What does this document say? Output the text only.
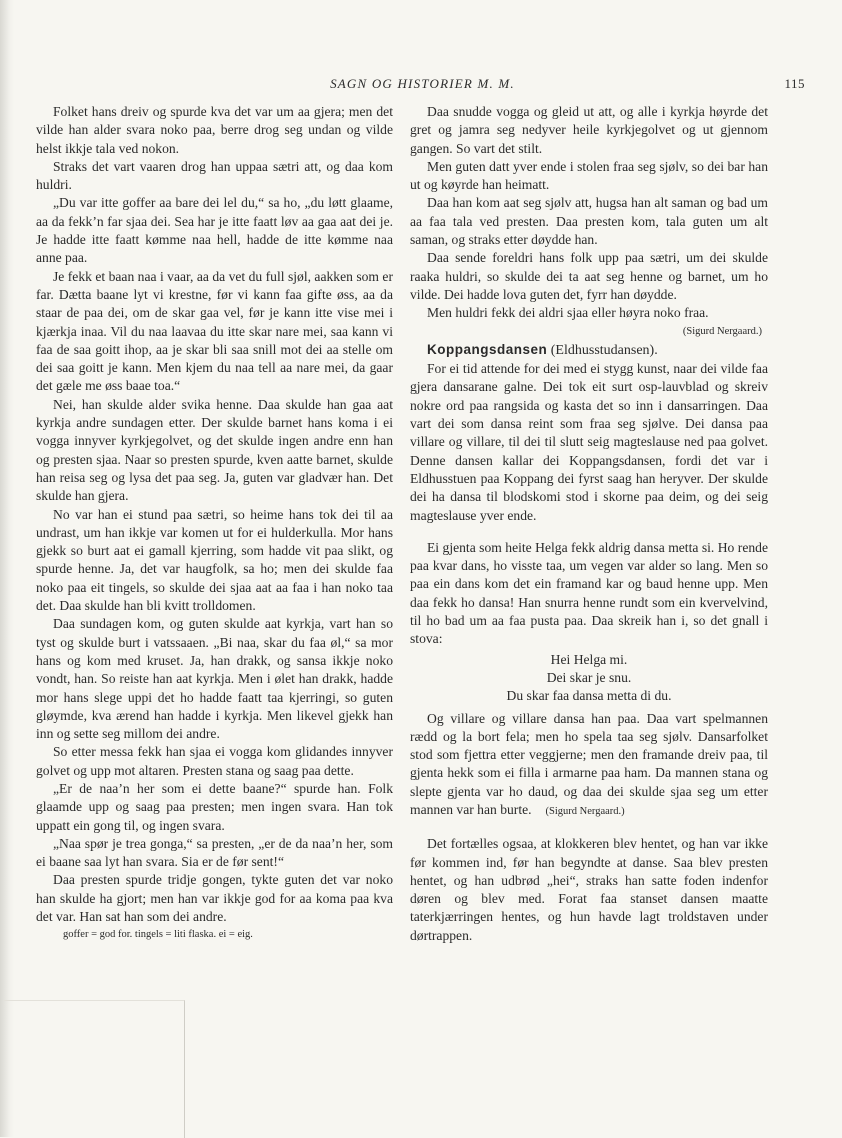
SAGN OG HISTORIER M. M.	115

Folket hans dreiv og spurde kva det var um aa gjera; men det vilde han alder svara noko paa, berre drog seg undan og vilde helst ikkje tala ved nokon.

Straks det vart vaaren drog han uppaa sætri att, og daa kom huldri.

„Du var itte goffer aa bare dei lel du,“ sa ho, „du løtt glaame, aa da fekk’n far sjaa dei. Sea har je itte faatt løv aa gaa aat dei je. Je hadde itte faatt kømme naa hell, hadde de itte kømme naa anne paa.

Je fekk et baan naa i vaar, aa da vet du full sjøl, aakken som er far. Dætta baane lyt vi krestne, før vi kann faa gifte øss, aa da staar de paa dei, om de skar gaa vel, før je kann itte vise mei i kjærkja inaa. Vil du naa laavaa du itte skar nare mei, saa kann vi faa de saa goitt ihop, aa je skar bli saa snill mot dei aa stelle om dei saa goitt je kann. Men kjem du naa tell aa nare mei, da gaar det gæle me øss baae toa.“

Nei, han skulde alder svika henne. Daa skulde han gaa aat kyrkja andre sundagen etter. Der skulde barnet hans koma i ei vogga innyver kyrkjegolvet, og det skulde ingen andre enn han og presten sjaa. Naar so presten spurde, kven aatte barnet, skulde han reisa seg og lysa det paa seg. Ja, guten var gladvær han. Det skulde han gjera.

No var han ei stund paa sætri, so heime hans tok dei til aa undrast, um han ikkje var komen ut for ei hulderkulla. Mor hans gjekk so burt aat ei gamall kjerring, som hadde vit paa slikt, og spurde henne. Ja, det var haugfolk, sa ho; men dei skulde faa noko paa eit tingels, so skulde dei sjaa aat aa faa i han noko taa det. Daa skulde han bli kvitt trolldomen.

Daa sundagen kom, og guten skulde aat kyrkja, vart han so tyst og skulde burt i vatssaaen. „Bi naa, skar du faa øl,“ sa mor hans og kom med kruset. Ja, han drakk, og sansa ikkje noko vondt, han. So reiste han aat kyrkja. Men i ølet han drakk, hadde mor hans slege uppi det ho hadde faatt taa kjerringi, so guten gløymde, kva ærend han hadde i kyrkja. Men likevel gjekk han inn og sette seg millom dei andre.

So etter messa fekk han sjaa ei vogga kom glidandes innyver golvet og upp mot altaren. Presten stana og saag paa dette.

„Er de naa’n her som ei dette baane?“ spurde han. Folk glaamde upp og saag paa presten; men ingen svara. Han tok uppatt ein gong til, og ingen svara.

„Naa spør je trea gonga,“ sa presten, „er de da naa’n her, som ei baane saa lyt han svara. Sia er de før sent!“

Daa presten spurde tridje gongen, tykte guten det var noko han skulde ha gjort; men han var ikkje god for aa koma paa kva det var. Han sat han som dei andre.

goffer = god for. tingels = liti flaska. ei = eig.

Daa snudde vogga og gleid ut att, og alle i kyrkja høyrde det gret og jamra seg nedyver heile kyrkjegolvet og ut gjennom gangen. So vart det stilt.

Men guten datt yver ende i stolen fraa seg sjølv, so dei bar han ut og køyrde han heimatt.

Daa han kom aat seg sjølv att, hugsa han alt saman og bad um aa faa tala ved presten. Daa presten kom, tala guten um alt saman, og straks etter døydde han.

Daa sende foreldri hans folk upp paa sætri, um dei skulde raaka huldri, so skulde dei ta aat seg henne og barnet, um ho vilde. Dei hadde lova guten det, fyrr han døydde.

Men huldri fekk dei aldri sjaa eller høyra noko fraa.

(Sigurd Nergaard.)

Koppangsdansen (Eldhusstudansen).

For ei tid attende for dei med ei stygg kunst, naar dei vilde faa gjera dansarane galne. Dei tok eit surt osp-lauvblad og skreiv nokre ord paa rangsida og kasta det so inn i dansarringen. Daa vart dei som dansa reint som fraa seg sjølve. Dei dansa paa villare og villare, til dei til slutt seig magteslause ned paa golvet. Denne dansen kallar dei Koppangsdansen, fordi det var i Eldhusstuen paa Koppang dei fyrst saag han heryver. Der skulde dei ha dansa til blodskomi stod i skorne paa deim, og dei seig magteslause yver ende.

Ei gjenta som heite Helga fekk aldrig dansa metta si. Ho rende paa kvar dans, ho visste taa, um vegen var alder so lang. Men so paa ein dans kom det ein framand kar og baud henne upp. Men daa fekk ho dansa! Han snurra henne rundt som ein kvervelvind, til ho bad um aa faa pusta paa. Daa skreik han i, so det gnall i stova:

Hei Helga mi.
Dei skar je snu.
Du skar faa dansa metta di du.

Og villare og villare dansa han paa. Daa vart spelmannen rædd og la bort fela; men ho spela taa seg sjølv. Dansarfolket stod som fjettra etter veggjerne; men den framande dreiv paa, til gjenta hekk som ei filla i armarne paa ham. Da mannen stana og slepte gjenta var ho daud, og daa dei skulde sjaa seg um etter mannen var han burte. (Sigurd Nergaard.)

Det fortælles ogsaa, at klokkeren blev hentet, og han var ikke før kommen ind, før han begyndte at danse. Saa blev presten hentet, og han udbrød „hei“, straks han satte foden indenfor døren og blev med. Forat faa stanset dansen maatte taterkjærringen hentes, og hun havde lagt troldstaven under dørtrappen.
